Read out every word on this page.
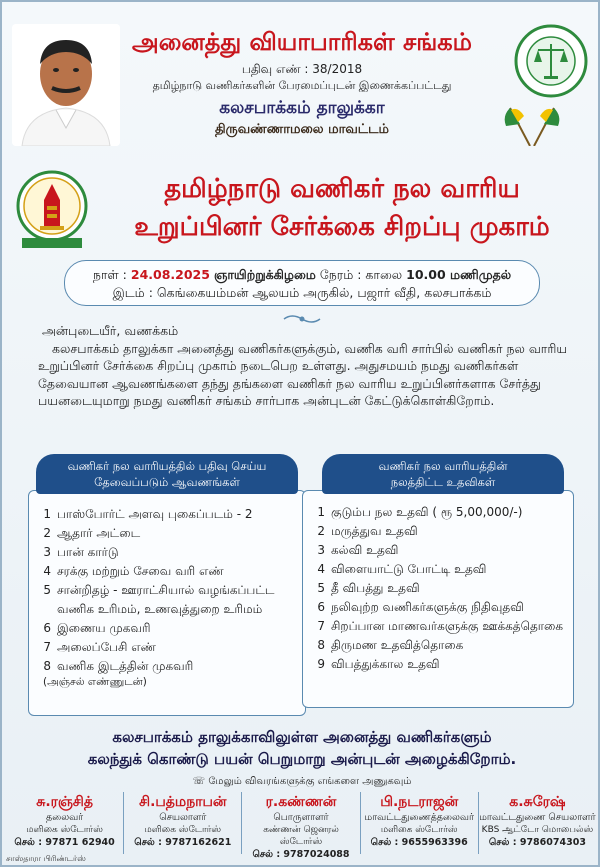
அனைத்து வியாபாரிகள் சங்கம்
பதிவு எண் : 38/2018
தமிழ்நாடு வணிகர்களின் பேரமைப்புடன் இணைக்கப்பட்டது
கலசபாக்கம் தாலுக்கா
திருவண்ணாமலை மாவட்டம்
தமிழ்நாடு வணிகர் நல வாரிய
உறுப்பினர் சேர்க்கை சிறப்பு முகாம்
நாள் : 24.08.2025 ஞாயிற்றுக்கிழமை நேரம் : காலை 10.00 மணிமுதல்
இடம் : கெங்கையம்மன் ஆலயம் அருகில், பஜார் வீதி, கலசபாக்கம்
அன்புடையீர், வணக்கம்
கலசபாக்கம் தாலுக்கா அனைத்து வணிகர்களுக்கும், வணிக வரி சார்பில் வணிகர் நல வாரிய உறுப்பினர் சேர்க்கை சிறப்பு முகாம் நடைபெற உள்ளது. அதுசமயம் நமது வணிகர்கள் தேவையான ஆவணங்களை தந்து தங்களை வணிகர் நல வாரிய உறுப்பினர்களாக சேர்த்து பயனடையுமாறு நமது வணிகர் சங்கம் சார்பாக அன்புடன் கேட்டுக்கொள்கிறோம்.
1 பாஸ்போர்ட் அளவு புகைப்படம் - 2
2 ஆதார் அட்டை
3 பான் கார்டு
4 சரக்கு மற்றும் சேவை வரி எண்
5 சான்றிதழ் - ஊராட்சியால் வழங்கப்பட்ட வணிக உரிமம், உணவுத்துறை உரிமம்
6 இணைய முகவரி
7 அலைப்பேசி எண்
8 வணிக இடத்தின் முகவரி
(அஞ்சல் எண்ணுடன்)
வணிகர் நல வாரியத்தில் பதிவு செய்ய
தேவைப்படும் ஆவணங்கள்
1 குடும்ப நல உதவி ( ரூ 5,00,000/-)
2 மருத்துவ உதவி
3 கல்வி உதவி
4 விளையாட்டு போட்டி உதவி
5 தீ விபத்து உதவி
6 நலிவுற்ற வணிகர்களுக்கு நிதிவுதவி
7 சிறப்பான மாணவர்களுக்கு ஊக்கத்தொகை
8 திருமண உதவித்தொகை
9 விபத்துக்கால உதவி
வணிகர் நல வாரியத்தின்
நலத்திட்ட உதவிகள்
கலசபாக்கம் தாலுக்காவிலுள்ள அனைத்து வணிகர்களும்
கலந்துக் கொண்டு பயன் பெறுமாறு அன்புடன் அழைக்கிறோம்.
☏ மேலும் விவரங்களுக்கு எங்களை அணுகவும்
சு.ரஞ்சித்
தலைவர்
மளிகை ஸ்டோர்ஸ்
செல் : 97871 62940
சி.பத்மநாபன்
செயலாளர்
மளிகை ஸ்டோர்ஸ்
செல் : 9787162621
ர.கண்ணன்
பொருளாளர்
கண்ணன் ஜெனரல் ஸ்டோர்ஸ்
செல் : 9787024088
பி.நடராஜன்
மாவட்டதுணைத்தலைவர்
மளிகை ஸ்டோர்ஸ்
செல் : 9655963396
க.சுரேஷ்
மாவட்டதுணை செயலாளர்
KBS ஆட்டோ மொபைல்ஸ்
செல் : 9786074303
சாஸ்தாரா பிரிண்டர்ஸ்
